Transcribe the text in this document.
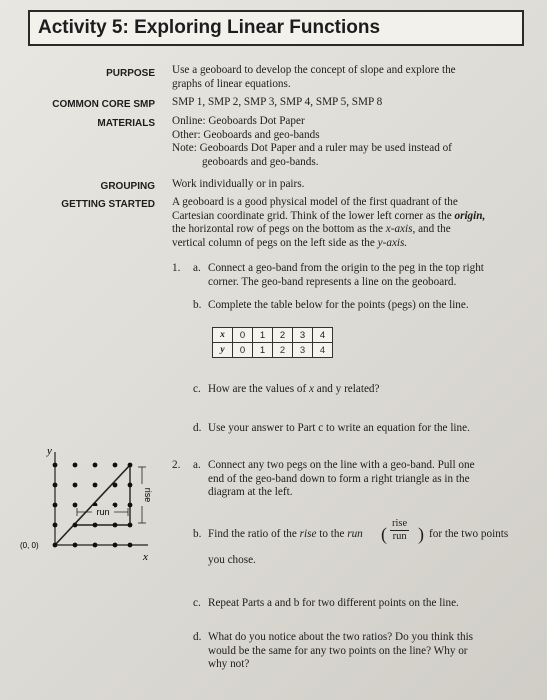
Activity 5: Exploring Linear Functions
PURPOSE Use a geoboard to develop the concept of slope and explore the
graphs of linear equations.
COMMON CORE SMP SMP 1, SMP 2, SMP 3, SMP 4, SMP 5, SMP 8
MATERIALS Online: Geoboards Dot Paper
Other: Geoboards and geo-bands
Note: Geoboards Dot Paper and a ruler may be used instead of
geoboards and geo-bands.
GROUPING Work individually or in pairs.
GETTING STARTED A geoboard is a good physical model of the first quadrant of the
Cartesian coordinate grid. Think of the lower left corner as the origin,
the horizontal row of pegs on the bottom as the x-axis, and the
vertical column of pegs on the left side as the y-axis.
1. a. Connect a geo-band from the origin to the peg in the top right
corner. The geo-band represents a line on the geoboard.
b. Complete the table below for the points (pegs) on the line.
x	0	1	2	3	4
y	0	1	2	3	4
c. How are the values of x and y related?
d. Use your answer to Part c to write an equation for the line.
2. a. Connect any two pegs on the line with a geo-band. Pull one
end of the geo-band down to form a right triangle as in the
diagram at the left.
b. Find the ratio of the rise to the run (
rise
run ) for the two points
you chose.
c. Repeat Parts a and b for two different points on the line.
d. What do you notice about the two ratios? Do you think this
would be the same for any two points on the line? Why or
why not?
run
rise
y
x
(0, 0)
